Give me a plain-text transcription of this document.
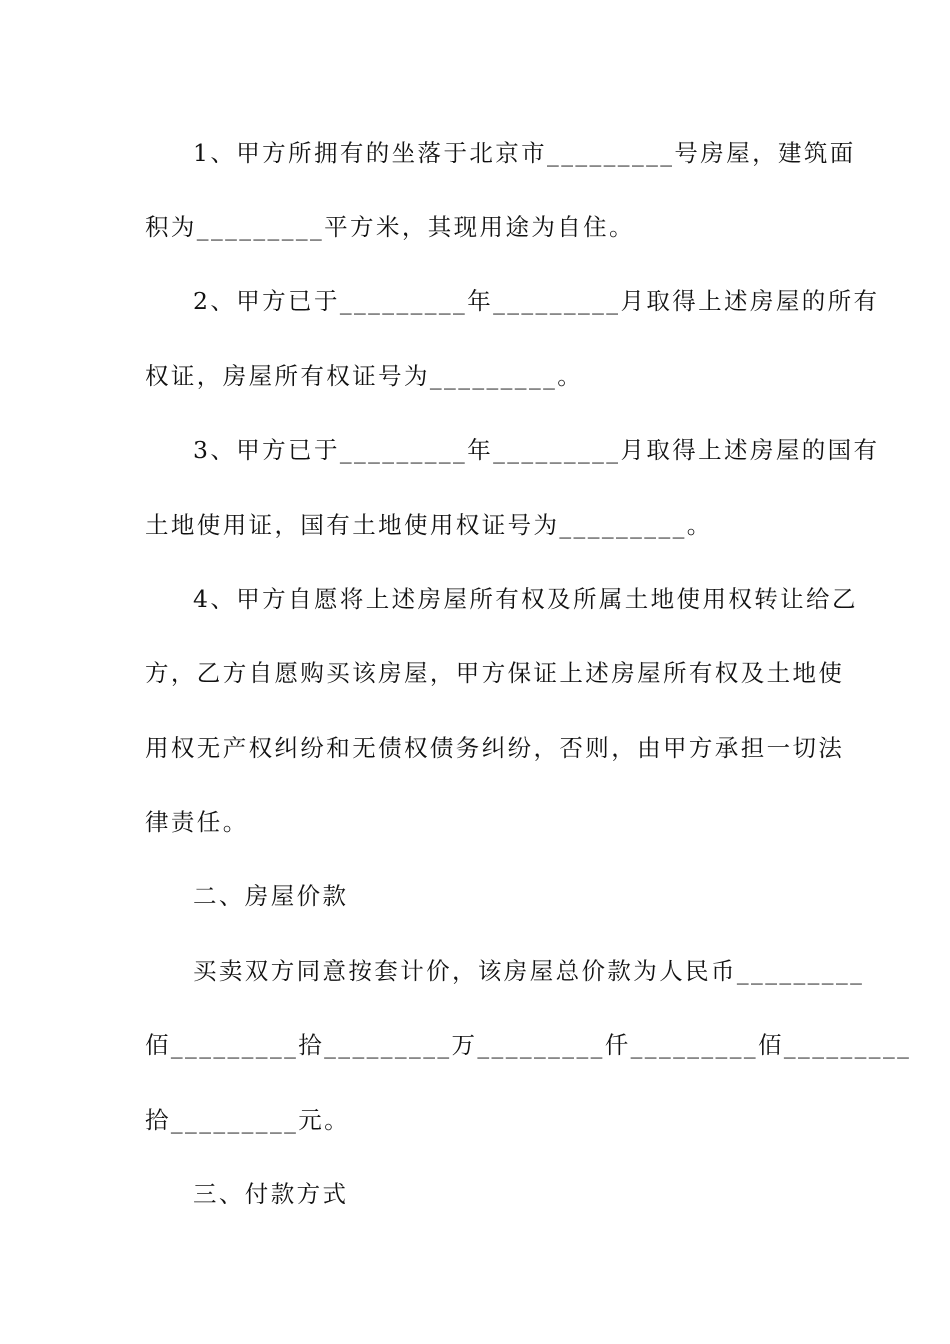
1、甲方所拥有的坐落于北京市_________号房屋，建筑面
积为_________平方米，其现用途为自住。
2、甲方已于_________年_________月取得上述房屋的所有
权证，房屋所有权证号为_________。
3、甲方已于_________年_________月取得上述房屋的国有
土地使用证，国有土地使用权证号为_________。
4、甲方自愿将上述房屋所有权及所属土地使用权转让给乙
方，乙方自愿购买该房屋，甲方保证上述房屋所有权及土地使
用权无产权纠纷和无债权债务纠纷，否则，由甲方承担一切法
律责任。
二、房屋价款
买卖双方同意按套计价，该房屋总价款为人民币_________
佰_________拾_________万_________仟_________佰_________
拾_________元。
三、付款方式
